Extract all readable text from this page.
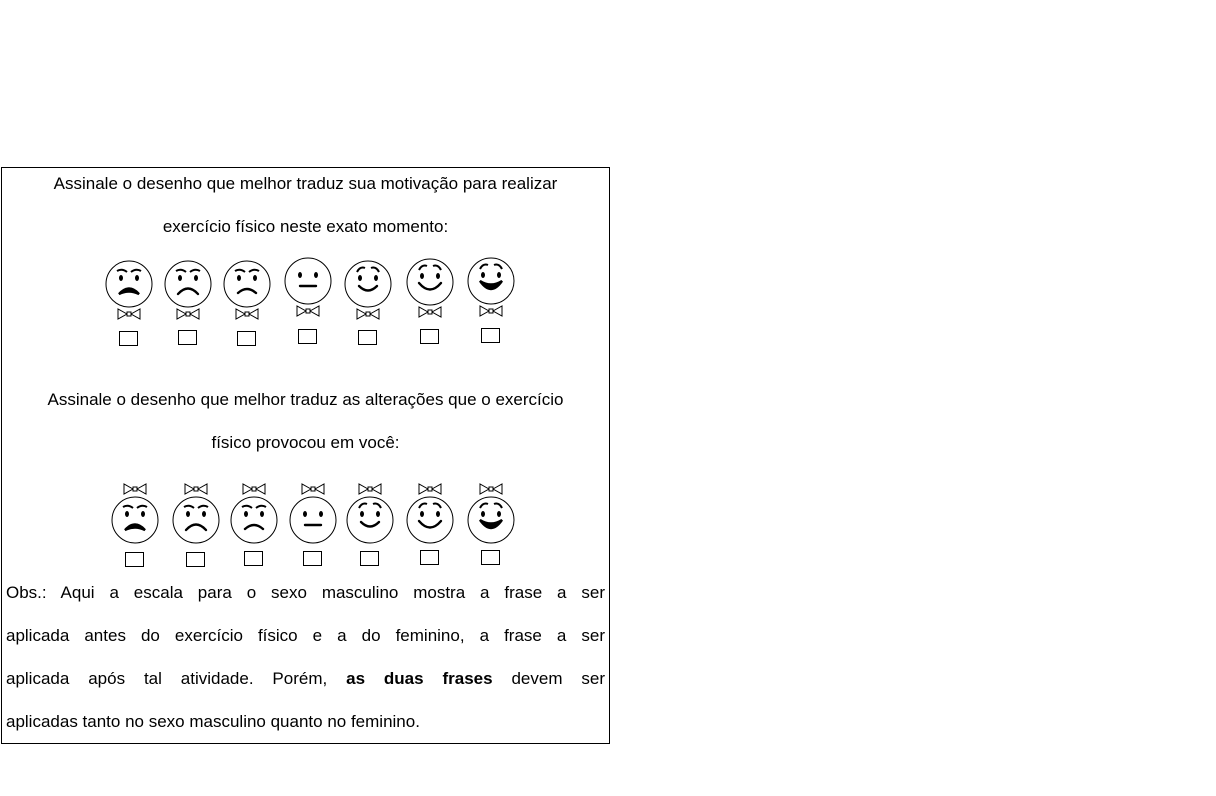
Assinale o desenho que melhor traduz sua motivação para realizar
exercício físico neste exato momento:
Assinale o desenho que melhor traduz as alterações que o exercício
físico provocou em você:
Obs.: Aqui a escala para o sexo masculino mostra a frase a ser
aplicada antes do exercício físico e a do feminino, a frase a ser
aplicada após tal atividade. Porém, as duas frases devem ser
aplicadas tanto no sexo masculino quanto no feminino.
